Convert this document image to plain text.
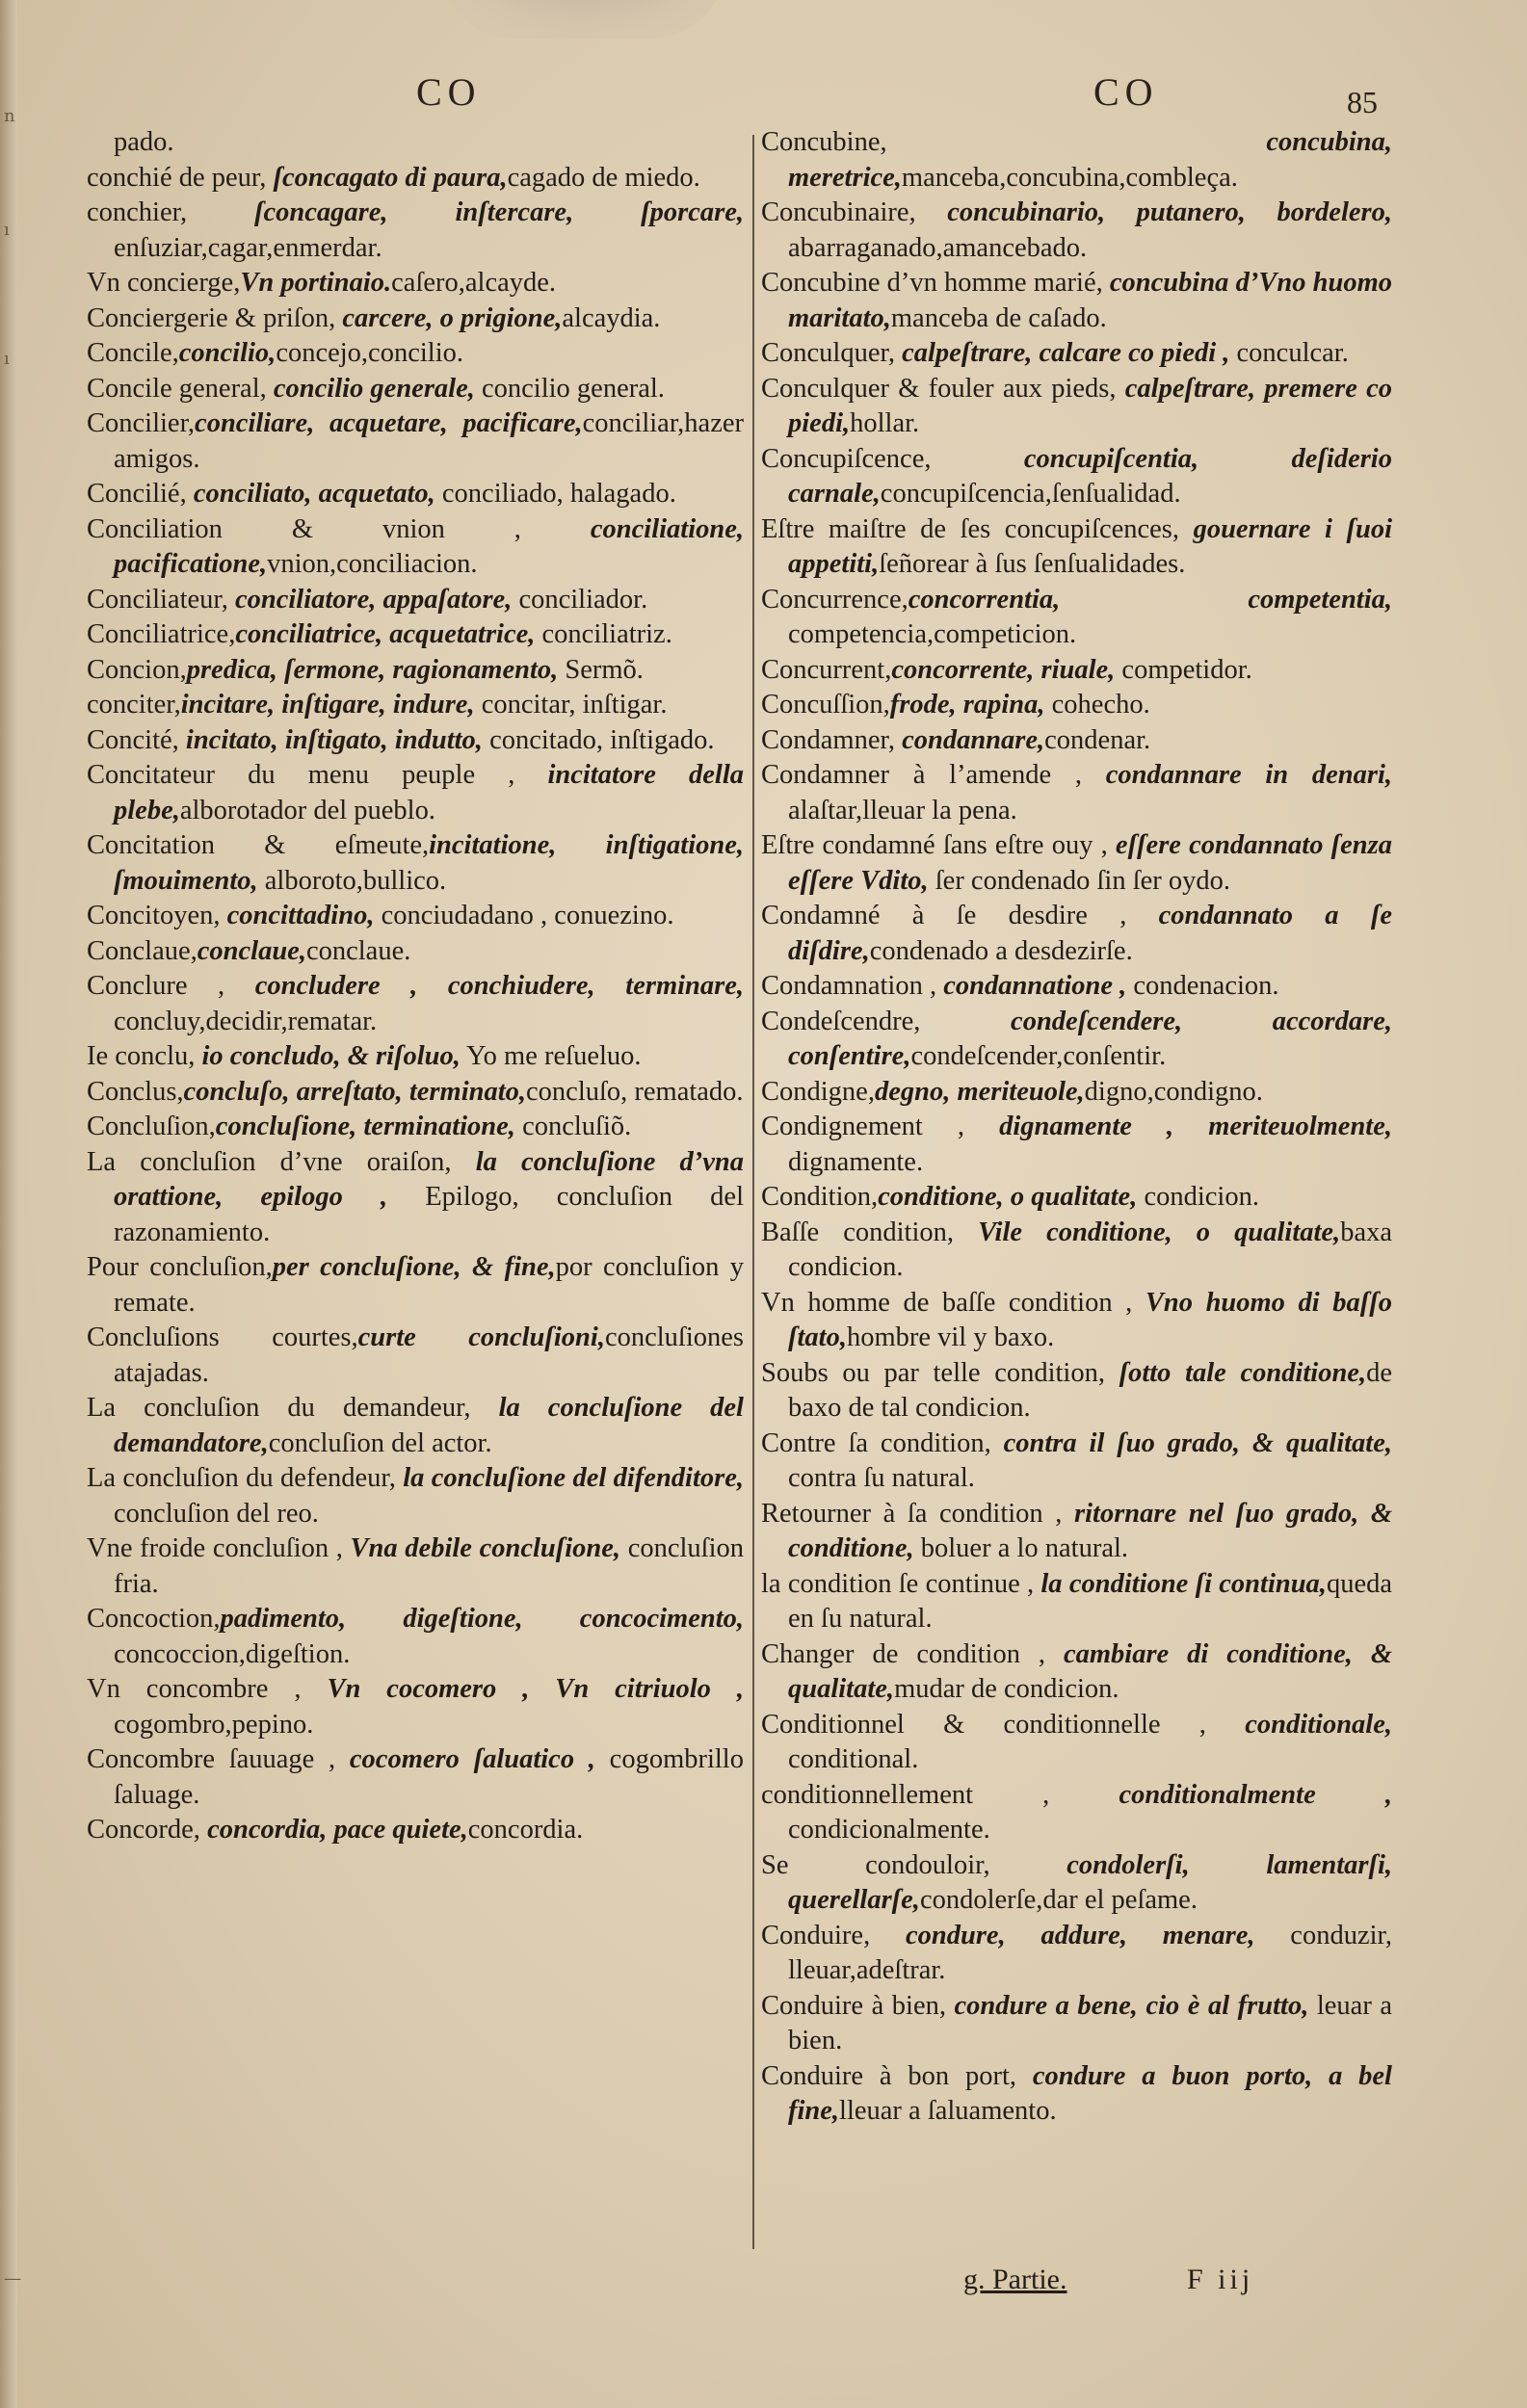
n
ı
ı
—
CO	CO	85
pado.
conchié de peur, ſconcagato di paura,cagado de miedo.
conchier, ſconcagare, inſtercare, ſporcare, enſuziar,cagar,enmerdar.
Vn concierge,Vn portinaio.caſero,alcayde.
Conciergerie & priſon, carcere, o prigione,alcaydia.
Concile,concilio,concejo,concilio.
Concile general, concilio generale, concilio general.
Concilier,conciliare, acquetare, pacificare,conciliar,hazer amigos.
Concilié, conciliato, acquetato, conciliado, halagado.
Conciliation & vnion , conciliatione, pacificatione,vnion,conciliacion.
Conciliateur, conciliatore, appaſatore, conciliador.
Conciliatrice,conciliatrice, acquetatrice, conciliatriz.
Concion,predica, ſermone, ragionamento, Sermõ.
conciter,incitare, inſtigare, indure, concitar, inſtigar.
Concité, incitato, inſtigato, indutto, concitado, inſtigado.
Concitateur du menu peuple , incitatore della plebe,alborotador del pueblo.
Concitation & eſmeute,incitatione, inſtigatione, ſmouimento, alboroto,bullico.
Concitoyen, concittadino, conciudadano , conuezino.
Conclaue,conclaue,conclaue.
Conclure , concludere , conchiudere, terminare, concluy,decidir,rematar.
Ie conclu, io concludo, & riſoluo, Yo me reſueluo.
Conclus,concluſo, arreſtato, terminato,concluſo, rematado.
Concluſion,concluſione, terminatione, concluſiõ.
La concluſion d’vne oraiſon, la concluſione d’vna orattione, epilogo , Epilogo, concluſion del razonamiento.
Pour concluſion,per concluſione, & fine,por concluſion y remate.
Concluſions courtes,curte concluſioni,concluſiones atajadas.
La concluſion du demandeur, la concluſione del demandatore,concluſion del actor.
La concluſion du defendeur, la concluſione del difenditore, concluſion del reo.
Vne froide concluſion , Vna debile concluſione, concluſion fria.
Concoction,padimento, digeſtione, concocimento, concoccion,digeſtion.
Vn concombre , Vn cocomero , Vn citriuolo , cogombro,pepino.
Concombre ſauuage , cocomero ſaluatico , cogombrillo ſaluage.
Concorde, concordia, pace quiete,concordia.
Concubine, concubina, meretrice,manceba,concubina,combleça.
Concubinaire, concubinario, putanero, bordelero, abarraganado,amancebado.
Concubine d’vn homme marié, concubina d’Vno huomo maritato,manceba de caſado.
Conculquer, calpeſtrare, calcare co piedi , conculcar.
Conculquer & fouler aux pieds, calpeſtrare, premere co piedi,hollar.
Concupiſcence, concupiſcentia, deſiderio carnale,concupiſcencia,ſenſualidad.
Eſtre maiſtre de ſes concupiſcences, gouernare i ſuoi appetiti,ſeñorear à ſus ſenſualidades.
Concurrence,concorrentia, competentia, competencia,competicion.
Concurrent,concorrente, riuale, competidor.
Concuſſion,frode, rapina, cohecho.
Condamner, condannare,condenar.
Condamner à l’amende , condannare in denari, alaſtar,lleuar la pena.
Eſtre condamné ſans eſtre ouy , eſſere condannato ſenza eſſere Vdito, ſer condenado ſin ſer oydo.
Condamné à ſe desdire , condannato a ſe diſdire,condenado a desdezirſe.
Condamnation , condannatione , condenacion.
Condeſcendre, condeſcendere, accordare, conſentire,condeſcender,conſentir.
Condigne,degno, meriteuole,digno,condigno.
Condignement , dignamente , meriteuolmente, dignamente.
Condition,conditione, o qualitate, condicion.
Baſſe condition, Vile conditione, o qualitate,baxa condicion.
Vn homme de baſſe condition , Vno huomo di baſſo ſtato,hombre vil y baxo.
Soubs ou par telle condition, ſotto tale conditione,de baxo de tal condicion.
Contre ſa condition, contra il ſuo grado, & qualitate, contra ſu natural.
Retourner à ſa condition , ritornare nel ſuo grado, & conditione, boluer a lo natural.
la condition ſe continue , la conditione ſi continua,queda en ſu natural.
Changer de condition , cambiare di conditione, & qualitate,mudar de condicion.
Conditionnel & conditionnelle , conditionale, conditional.
conditionnellement , conditionalmente , condicionalmente.
Se condouloir, condolerſi, lamentarſi, querellarſe,condolerſe,dar el peſame.
Conduire, condure, addure, menare, conduzir, lleuar,adeſtrar.
Conduire à bien, condure a bene, cio è al frutto, leuar a bien.
Conduire à bon port, condure a buon porto, a bel fine,lleuar a ſaluamento.
g. Partie.	F iij
